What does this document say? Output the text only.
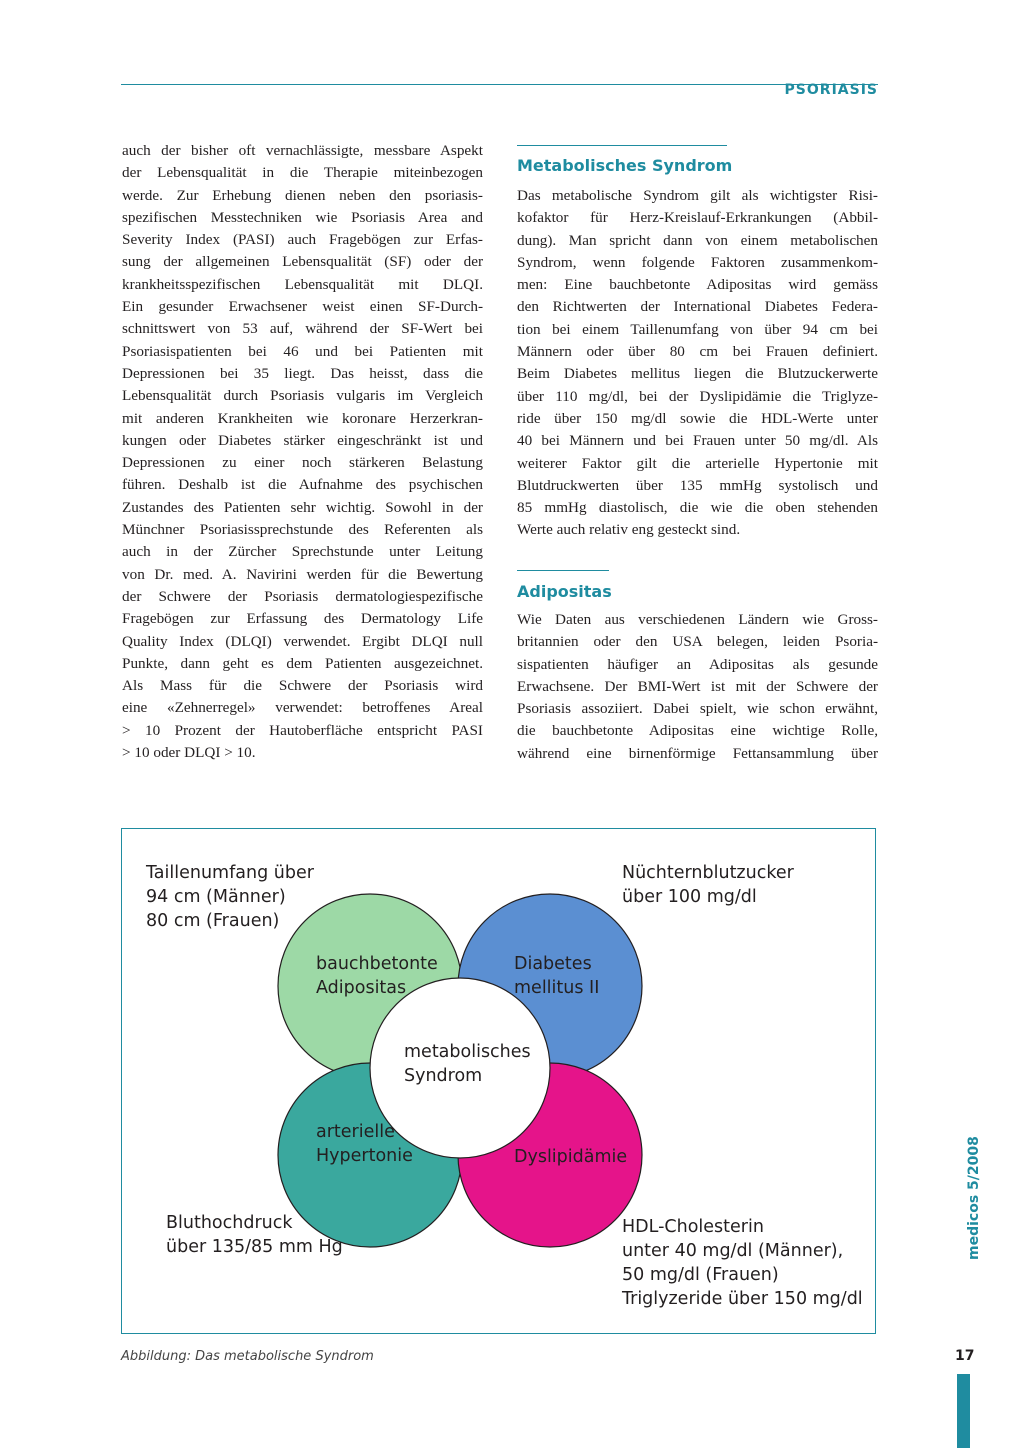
PSORIASIS
auch der bisher oft vernachlässigte, messbare Aspekt
der Lebensqualität in die Therapie miteinbezogen
werde. Zur Erhebung dienen neben den psoriasis-
spezifischen Messtechniken wie Psoriasis Area and
Severity Index (PASI) auch Fragebögen zur Erfas-
sung der allgemeinen Lebensqualität (SF) oder der
krankheitsspezifischen Lebensqualität mit DLQI.
Ein gesunder Erwachsener weist einen SF-Durch-
schnittswert von 53 auf, während der SF-Wert bei
Psoriasispatienten bei 46 und bei Patienten mit
Depressionen bei 35 liegt. Das heisst, dass die
Lebensqualität durch Psoriasis vulgaris im Vergleich
mit anderen Krankheiten wie koronare Herzerkran-
kungen oder Diabetes stärker eingeschränkt ist und
Depressionen zu einer noch stärkeren Belastung
führen. Deshalb ist die Aufnahme des psychischen
Zustandes des Patienten sehr wichtig. Sowohl in der
Münchner Psoriasissprechstunde des Referenten als
auch in der Zürcher Sprechstunde unter Leitung
von Dr. med. A. Navirini werden für die Bewertung
der Schwere der Psoriasis dermatologiespezifische
Fragebögen zur Erfassung des Dermatology Life
Quality Index (DLQI) verwendet. Ergibt DLQI null
Punkte, dann geht es dem Patienten ausgezeichnet.
Als Mass für die Schwere der Psoriasis wird
eine «Zehnerregel» verwendet: betroffenes Areal
> 10 Prozent der Hautoberfläche entspricht PASI
> 10 oder DLQI > 10.
Metabolisches Syndrom
Das metabolische Syndrom gilt als wichtigster Risi-
kofaktor für Herz-Kreislauf-Erkrankungen (Abbil-
dung). Man spricht dann von einem metabolischen
Syndrom, wenn folgende Faktoren zusammenkom-
men: Eine bauchbetonte Adipositas wird gemäss
den Richtwerten der International Diabetes Federa-
tion bei einem Taillenumfang von über 94 cm bei
Männern oder über 80 cm bei Frauen definiert.
Beim Diabetes mellitus liegen die Blutzuckerwerte
über 110 mg/dl, bei der Dyslipidämie die Triglyze-
ride über 150 mg/dl sowie die HDL-Werte unter
40 bei Männern und bei Frauen unter 50 mg/dl. Als
weiterer Faktor gilt die arterielle Hypertonie mit
Blutdruckwerten über 135 mmHg systolisch und
85 mmHg diastolisch, die wie die oben stehenden
Werte auch relativ eng gesteckt sind.
Adipositas
Wie Daten aus verschiedenen Ländern wie Gross-
britannien oder den USA belegen, leiden Psoria-
sispatienten häufiger an Adipositas als gesunde
Erwachsene. Der BMI-Wert ist mit der Schwere der
Psoriasis assoziiert. Dabei spielt, wie schon erwähnt,
die bauchbetonte Adipositas eine wichtige Rolle,
während eine birnenförmige Fettansammlung über
Taillenumfang über
94 cm (Männer)
80 cm (Frauen)
Nüchternblutzucker
über 100 mg/dl
Bluthochdruck
über 135/85 mm Hg
HDL-Cholesterin
unter 40 mg/dl (Männer),
50 mg/dl (Frauen)
Triglyzeride über 150 mg/dl
bauchbetonte
Adipositas
Diabetes
mellitus II
arterielle
Hypertonie	Dyslipidämie
metabolisches
Syndrom
Abbildung: Das metabolische Syndrom
medicos 5/2008
17
